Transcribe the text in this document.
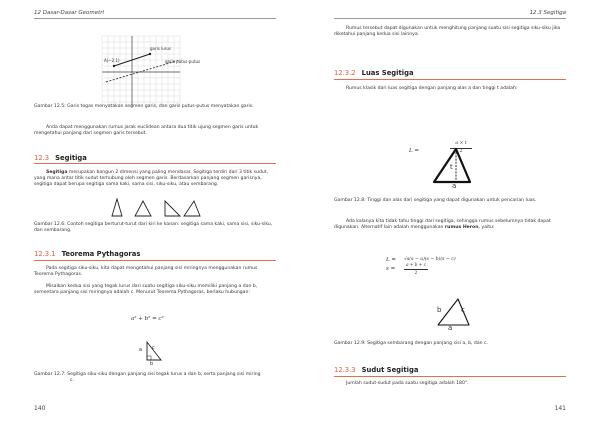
12 Dasar-Dasar Geometri
garis lurus
garis putus-putus
A(−2,1)
Gambar 12.5: Garis tegas menyatakan segmen garis, dan garis putus-putus menyatakan garis.
Anda dapat menggunakan rumus jarak euclidean antara dua titik ujung segmen garis untuk mengetahui panjang dari segmen garis tersebut.
12.3 Segitiga
Segitiga merupakan bangun 2 dimensi yang paling mendasar. Segitiga terdiri dari 3 titik sudut, yang mana antar titik sudut terhubung oleh segmen garis. Berdasarkan panjang segmen garisnya, segitiga dapat berupa segitiga sama kaki, sama sisi, siku-siku, atau sembarang.
Gambar 12.6: Contoh segitiga berturut-turut dari kiri ke kanan: segitiga sama kaki, sama sisi, siku-siku, dan sembarang.
12.3.1 Teorema Pythagoras
Pada segitiga siku-siku, kita dapat mengetahui panjang sisi miringnya menggunakan rumus Teorema Pythagoras.
Misalkan kedua sisi yang tegak lurus dari suatu segitiga siku-siku memiliki panjang a dan b, sementara panjang sisi miringnya adalah c. Menurut Teorema Pythagoras, berlaku hubungan:
a² + b² = c²
a c
b
Gambar 12.7: Segitiga siku-siku dengan panjang sisi tegak lurus a dan b, serta panjang sisi miring
c.
140
12.3 Segitiga
Rumus tersebut dapat digunakan untuk menghitung panjang suatu sisi segitiga siku-siku jika diketahui panjang kedua sisi lainnya.
12.3.2 Luas Segitiga
Rumus klasik dari luas segitiga dengan panjang alas a dan tinggi t adalah:
L =
a × t
2
t
a
Gambar 12.8: Tinggi dan alas dari segitiga yang dapat digunakan untuk pencarian luas.
Ada kalanya kita tidak tahu tinggi dari segitiga, sehingga rumus sebelumnya tidak dapat digunakan. Alternatif lain adalah menggunakan rumus Heron, yaitu:
L = √s(s − a)(s − b)(s − c)
s =
a + b + c
2
b	c
a
Gambar 12.9: Segitiga sembarang dengan panjang sisi a, b, dan c.
12.3.3 Sudut Segitiga
Jumlah sudut-sudut pada suatu segitiga adalah 180°.
141
